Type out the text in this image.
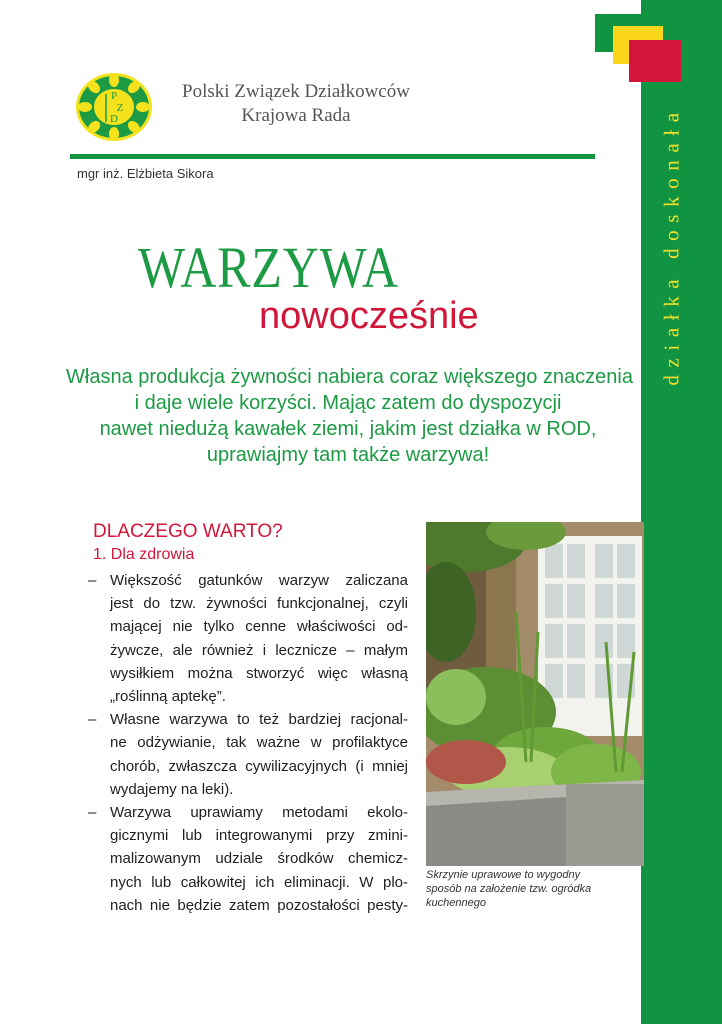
działka doskonała
P
Z
D
Polski Związek Działkowców
Krajowa Rada
mgr inż. Elżbieta Sikora
WARZYWA
nowocześnie
Własna produkcja żywności nabiera coraz większego znaczenia
i daje wiele korzyści. Mając zatem do dyspozycji
nawet niedużą kawałek ziemi, jakim jest działka w ROD,
uprawiajmy tam także warzywa!
DLACZEGO WARTO?
1. Dla zdrowia
– Większość gatunków warzyw zaliczana
jest do tzw. żywności funkcjonalnej, czyli
mającej nie tylko cenne właściwości od-
żywcze, ale również i lecznicze – małym
wysiłkiem można stworzyć więc własną
„roślinną aptekę”.
– Własne warzywa to też bardziej racjonal-
ne odżywianie, tak ważne w profilaktyce
chorób, zwłaszcza cywilizacyjnych (i mniej
wydajemy na leki).
– Warzywa uprawiamy metodami ekolo-
gicznymi lub integrowanymi przy zmini-
malizowanym udziale środków chemicz-
nych lub całkowitej ich eliminacji. W plo-
nach nie będzie zatem pozostałości pesty-
Skrzynie uprawowe to wygodny
sposób na założenie tzw. ogródka
kuchennego
